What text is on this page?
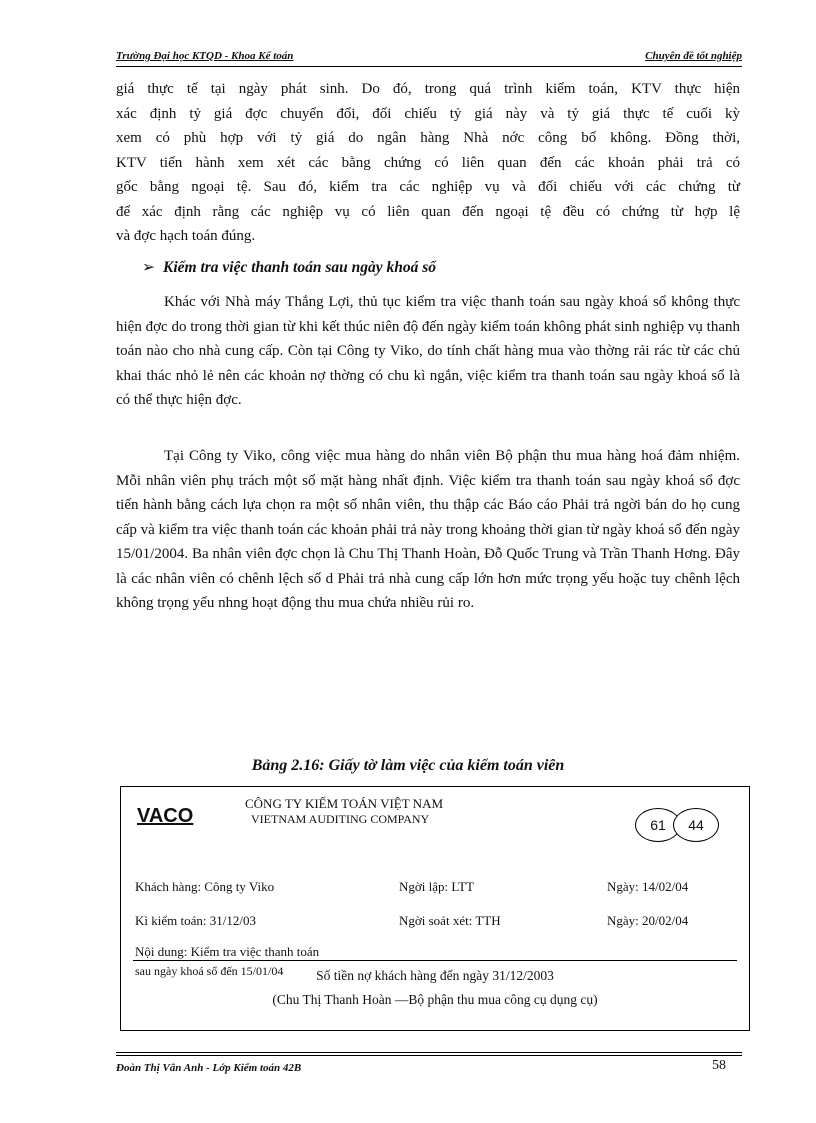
Trường Đại học KTQD - Khoa Kế toán	Chuyên đề tốt nghiệp
giá thực tế tại ngày phát sinh. Do đó, trong quá trình kiểm toán, KTV thực hiện
xác định tỷ giá đợc chuyển đổi, đối chiếu tỷ giá này và tỷ giá thực tế cuối kỳ
xem có phù hợp với tỷ giá do ngân hàng Nhà nớc công bố không. Đồng thời,
KTV tiến hành xem xét các bằng chứng có liên quan đến các khoản phải trả có
gốc bằng ngoại tệ. Sau đó, kiểm tra các nghiệp vụ và đối chiếu với các chứng từ
để xác định rằng các nghiệp vụ có liên quan đến ngoại tệ đều có chứng từ hợp lệ
và đợc hạch toán đúng.
➢ Kiểm tra việc thanh toán sau ngày khoá sổ
Khác với Nhà máy Thắng Lợi, thủ tục kiểm tra việc thanh toán sau ngày khoá sổ không thực hiện đợc do trong thời gian từ khi kết thúc niên độ đến ngày kiểm toán không phát sinh nghiệp vụ thanh toán nào cho nhà cung cấp. Còn tại Công ty Viko, do tính chất hàng mua vào thờng rải rác từ các chủ khai thác nhỏ lẻ nên các khoản nợ thờng có chu kì ngắn, việc kiểm tra thanh toán sau ngày khoá sổ là có thể thực hiện đợc.
Tại Công ty Viko, công việc mua hàng do nhân viên Bộ phận thu mua hàng hoá đảm nhiệm. Mỗi nhân viên phụ trách một số mặt hàng nhất định. Việc kiểm tra thanh toán sau ngày khoá sổ đợc tiến hành bằng cách lựa chọn ra một số nhân viên, thu thập các Báo cáo Phải trả ngời bán do họ cung cấp và kiểm tra việc thanh toán các khoản phải trả này trong khoảng thời gian từ ngày khoá sổ đến ngày 15/01/2004. Ba nhân viên đợc chọn là Chu Thị Thanh Hoàn, Đỗ Quốc Trung và Trần Thanh Hơng. Đây là các nhân viên có chênh lệch số d Phải trả nhà cung cấp lớn hơn mức trọng yếu hoặc tuy chênh lệch không trọng yếu nhng hoạt động thu mua chứa nhiều rủi ro.
Bảng 2.16: Giấy tờ làm việc của kiểm toán viên
VACO
CÔNG TY KIỂM TOÁN VIỆT NAM
VIETNAM AUDITING COMPANY	61	44
Khách hàng: Công ty Viko	Ngời lập: LTT	Ngày: 14/02/04
Kì kiểm toán: 31/12/03	Ngời soát xét: TTH	Ngày: 20/02/04
Nội dung: Kiểm tra việc thanh toán
sau ngày khoá sổ đến 15/01/04	Số tiền nợ khách hàng đến ngày 31/12/2003
(Chu Thị Thanh Hoàn —Bộ phận thu mua công cụ dụng cụ)
Đoàn Thị Vân Anh - Lớp Kiểm toán 42B	58
